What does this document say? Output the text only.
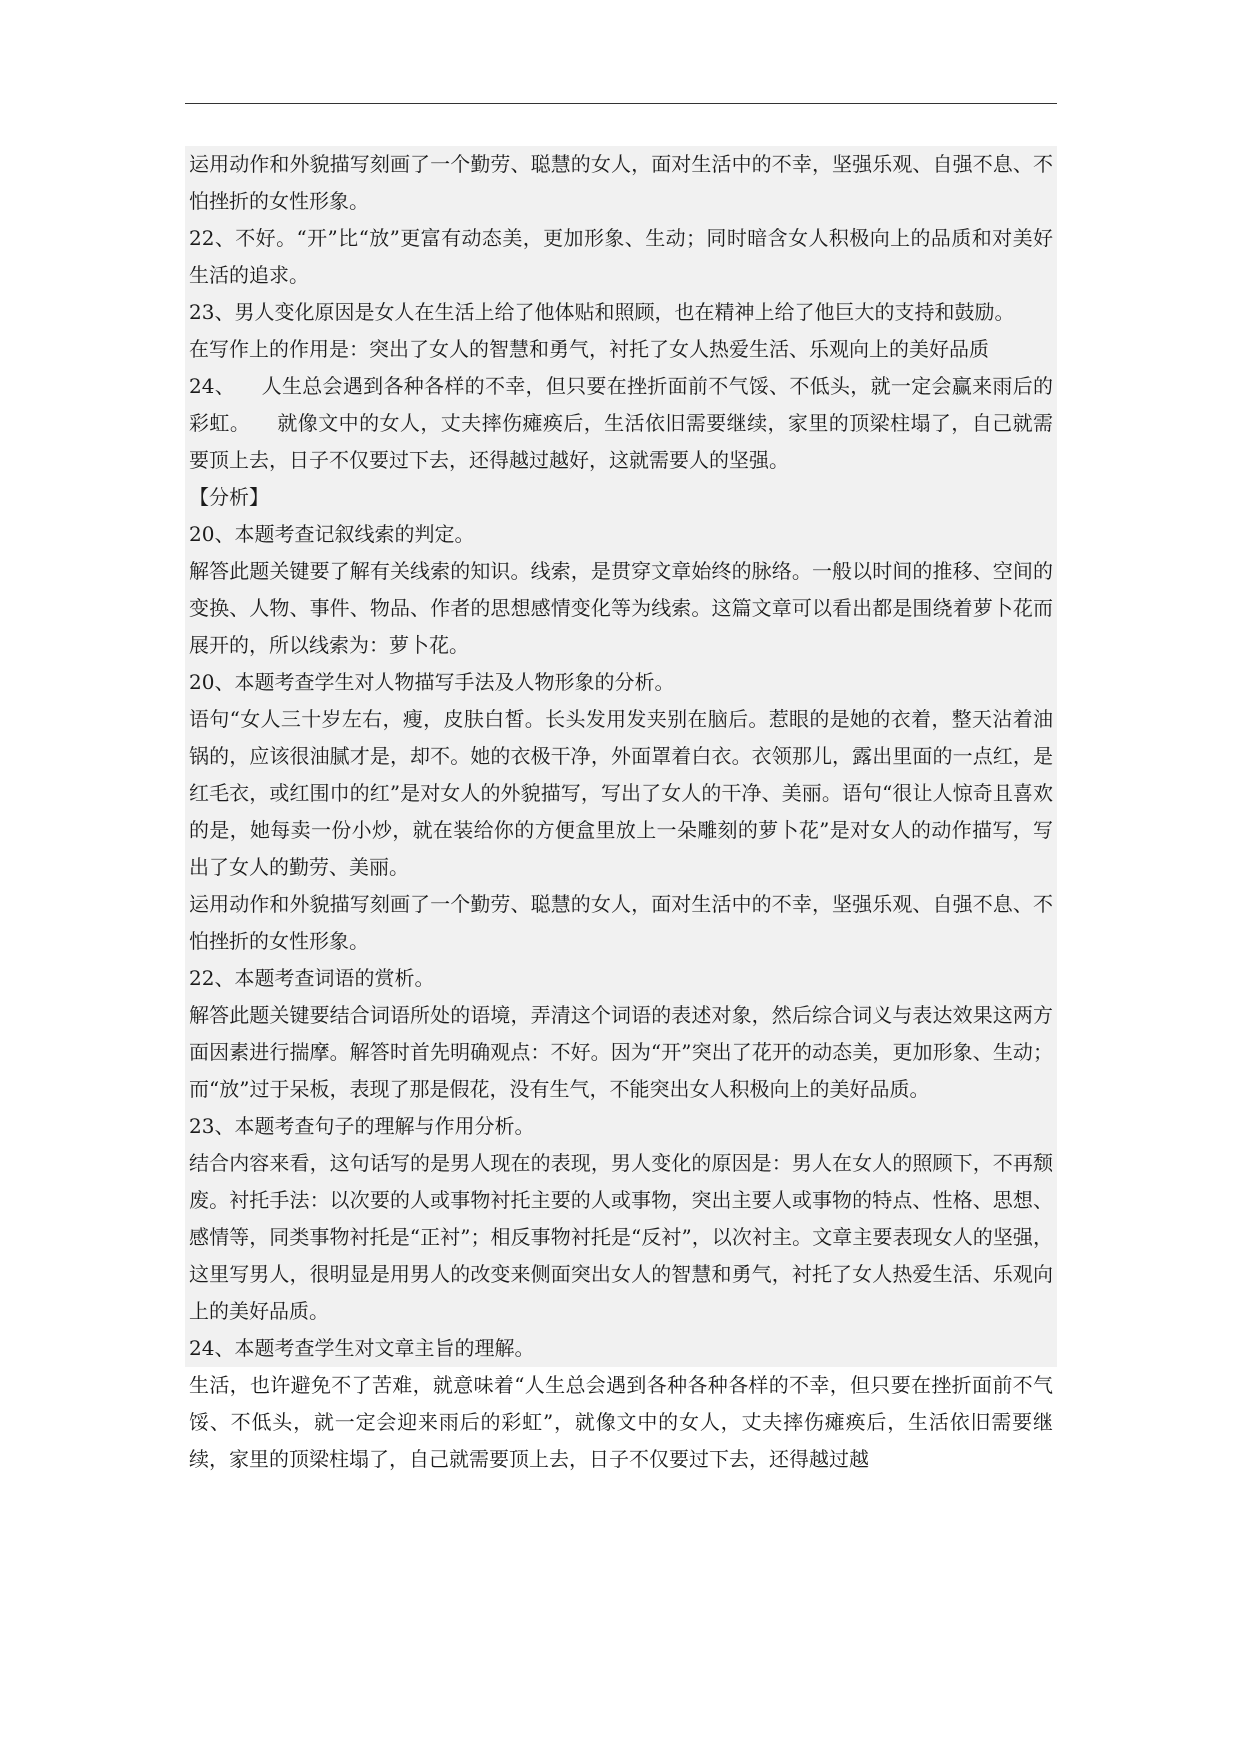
运用动作和外貌描写刻画了一个勤劳、聪慧的女人，面对生活中的不幸，坚强乐观、自强不息、不怕挫折的女性形象。

22、不好。“开”比“放”更富有动态美，更加形象、生动；同时暗含女人积极向上的品质和对美好生活的追求。

23、男人变化原因是女人在生活上给了他体贴和照顾，也在精神上给了他巨大的支持和鼓励。

在写作上的作用是：突出了女人的智慧和勇气，衬托了女人热爱生活、乐观向上的美好品质

24、    人生总会遇到各种各样的不幸，但只要在挫折面前不气馁、不低头，就一定会赢来雨后的彩虹。    就像文中的女人，丈夫摔伤瘫痪后，生活依旧需要继续，家里的顶梁柱塌了，自己就需要顶上去，日子不仅要过下去，还得越过越好，这就需要人的坚强。

【分析】

20、本题考查记叙线索的判定。

解答此题关键要了解有关线索的知识。线索，是贯穿文章始终的脉络。一般以时间的推移、空间的变换、人物、事件、物品、作者的思想感情变化等为线索。这篇文章可以看出都是围绕着萝卜花而展开的，所以线索为：萝卜花。

20、本题考查学生对人物描写手法及人物形象的分析。

语句“女人三十岁左右，瘦，皮肤白皙。长头发用发夹别在脑后。惹眼的是她的衣着，整天沾着油锅的，应该很油腻才是，却不。她的衣极干净，外面罩着白衣。衣领那儿，露出里面的一点红，是红毛衣，或红围巾的红”是对女人的外貌描写，写出了女人的干净、美丽。语句“很让人惊奇且喜欢的是，她每卖一份小炒，就在装给你的方便盒里放上一朵雕刻的萝卜花”是对女人的动作描写，写出了女人的勤劳、美丽。

运用动作和外貌描写刻画了一个勤劳、聪慧的女人，面对生活中的不幸，坚强乐观、自强不息、不怕挫折的女性形象。

22、本题考查词语的赏析。

解答此题关键要结合词语所处的语境，弄清这个词语的表述对象，然后综合词义与表达效果这两方面因素进行揣摩。解答时首先明确观点：不好。因为“开”突出了花开的动态美，更加形象、生动；而“放”过于呆板，表现了那是假花，没有生气，不能突出女人积极向上的美好品质。

23、本题考查句子的理解与作用分析。

结合内容来看，这句话写的是男人现在的表现，男人变化的原因是：男人在女人的照顾下，不再颓废。衬托手法：以次要的人或事物衬托主要的人或事物，突出主要人或事物的特点、性格、思想、感情等，同类事物衬托是“正衬”；相反事物衬托是“反衬”，以次衬主。文章主要表现女人的坚强，这里写男人，很明显是用男人的改变来侧面突出女人的智慧和勇气，衬托了女人热爱生活、乐观向上的美好品质。

24、本题考查学生对文章主旨的理解。

生活，也许避免不了苦难，就意味着“人生总会遇到各种各种各样的不幸，但只要在挫折面前不气馁、不低头，就一定会迎来雨后的彩虹”，就像文中的女人，丈夫摔伤瘫痪后，生活依旧需要继续，家里的顶梁柱塌了，自己就需要顶上去，日子不仅要过下去，还得越过越
